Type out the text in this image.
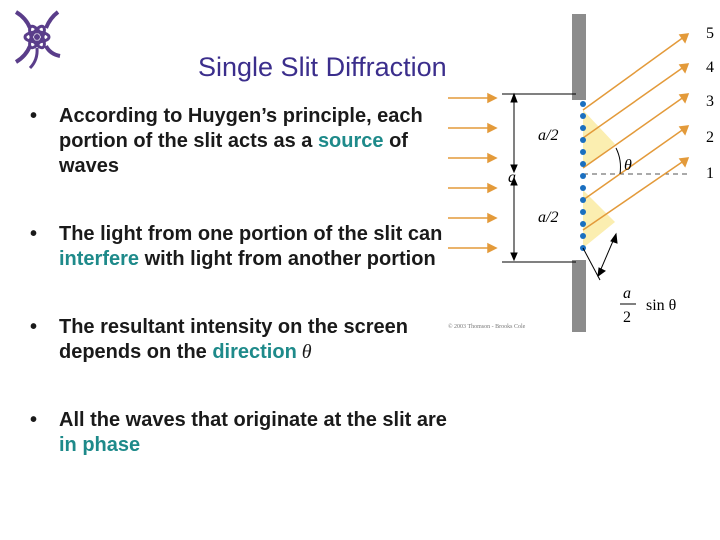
Single Slit Diffraction
• According to Huygen’s principle, each portion of the slit acts as a source of waves
• The light from one portion of the slit can interfere with light from another portion
• The resultant intensity on the screen depends on the direction θ
• All the waves that originate at the slit are in phase
a/2
a
a/2
θ
5
4
3
2
1
a
2
sin θ
© 2003 Thomson - Brooks Cole
